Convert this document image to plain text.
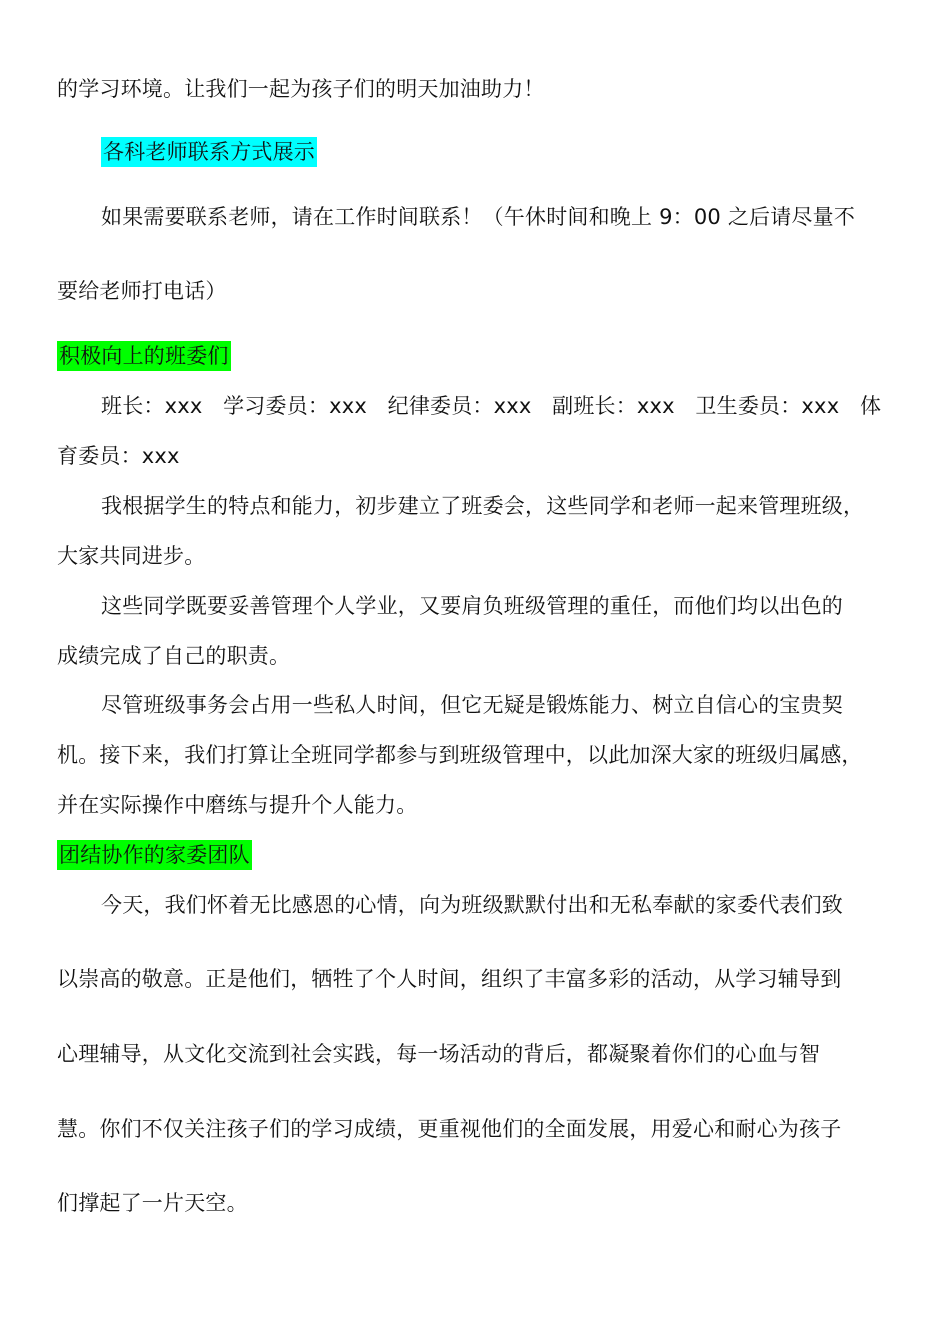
的学习环境。让我们一起为孩子们的明天加油助力！
各科老师联系方式展示
如果需要联系老师，请在工作时间联系！（午休时间和晚上 9：00 之后请尽量不
要给老师打电话）
积极向上的班委们
班长：xxx   学习委员：xxx   纪律委员：xxx   副班长：xxx   卫生委员：xxx   体
育委员：xxx
我根据学生的特点和能力，初步建立了班委会，这些同学和老师一起来管理班级，
大家共同进步。
这些同学既要妥善管理个人学业，又要肩负班级管理的重任，而他们均以出色的
成绩完成了自己的职责。
尽管班级事务会占用一些私人时间，但它无疑是锻炼能力、树立自信心的宝贵契
机。接下来，我们打算让全班同学都参与到班级管理中，以此加深大家的班级归属感，
并在实际操作中磨练与提升个人能力。
团结协作的家委团队
今天，我们怀着无比感恩的心情，向为班级默默付出和无私奉献的家委代表们致
以崇高的敬意。正是他们，牺牲了个人时间，组织了丰富多彩的活动，从学习辅导到
心理辅导，从文化交流到社会实践，每一场活动的背后，都凝聚着你们的心血与智
慧。你们不仅关注孩子们的学习成绩，更重视他们的全面发展，用爱心和耐心为孩子
们撑起了一片天空。
